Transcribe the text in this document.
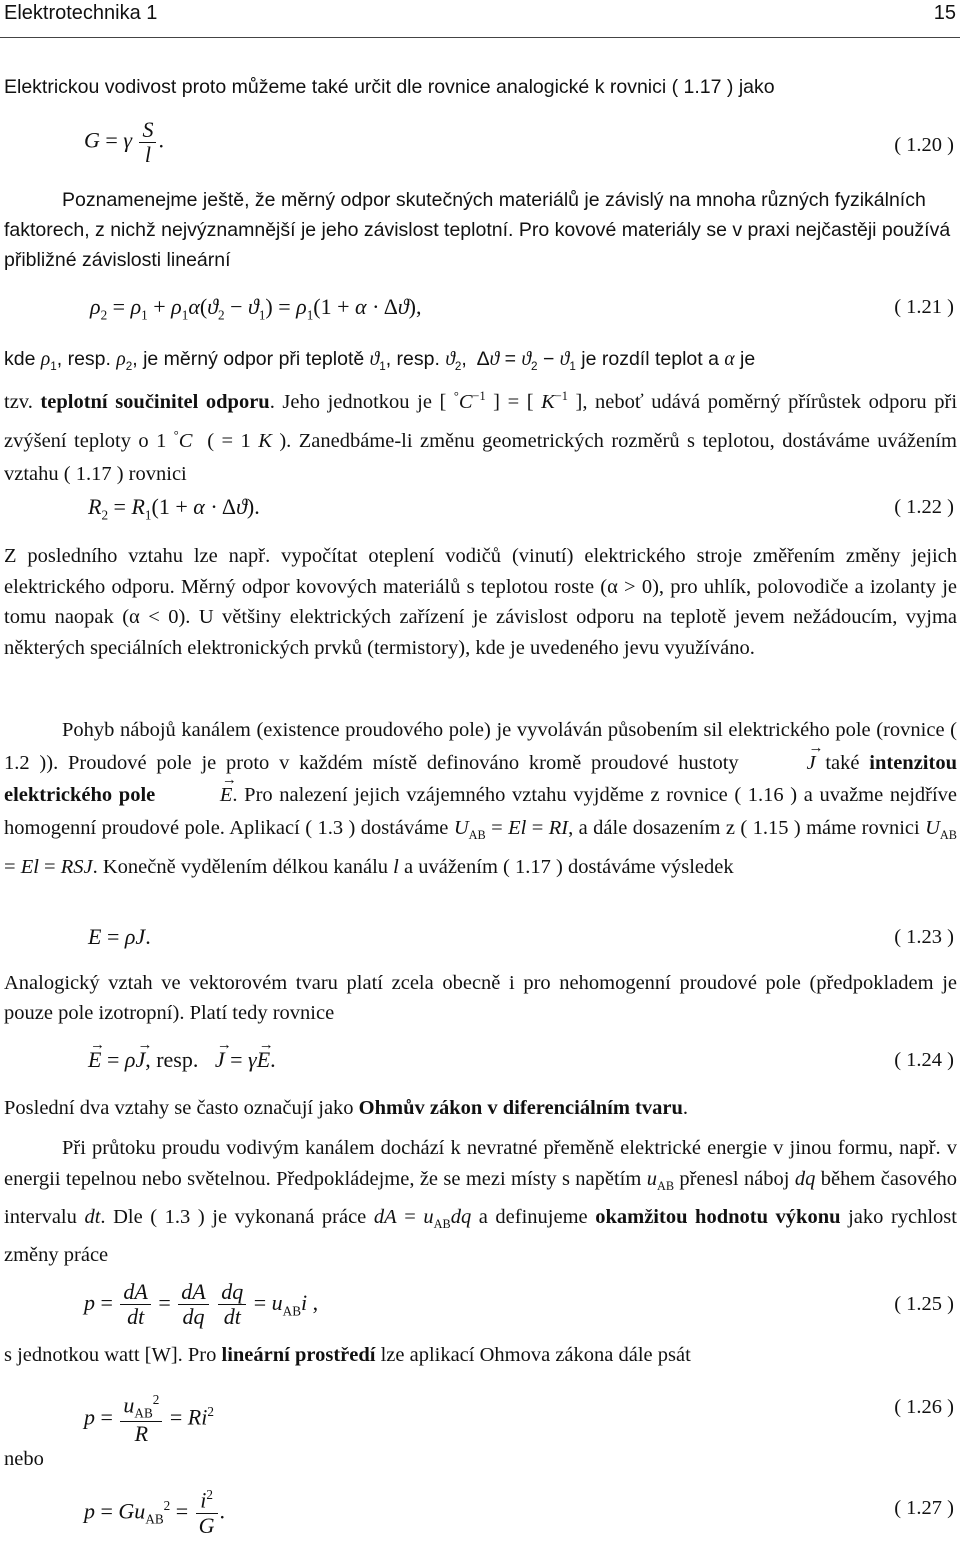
Elektrotechnika 1	15

Elektrickou vodivost proto můžeme také určit dle rovnice analogické k rovnici ( 1.17 ) jako

G = γ $\frac{S}{l}$ .	( 1.20 )

Poznamenejme ještě, že měrný odpor skutečných materiálů je závislý na mnoha různých fyzikálních faktorech, z nichž nejvýznamnější je jeho závislost teplotní. Pro kovové materiály se v praxi nejčastěji používá přibližné závislosti lineární

$\rho_2 = \rho_1 + \rho_1\alpha(ϑ_2 - ϑ_1) = \rho_1(1 + \alpha \cdot \Delta ϑ)$,	( 1.21 )

kde $\rho_1$, resp. $\rho_2$, je měrný odpor při teplotě $ϑ_1$, resp. $ϑ_2$,  $\Delta ϑ = ϑ_2 - ϑ_1$ je rozdíl teplot a α je

tzv. teplotní součinitel odporu. Jeho jednotkou je [ $^\circ C^{-1}$ ] = [ $K^{-1}$ ], neboť udává poměrný přírůstek odporu při zvýšení teploty o 1 °C  ( = 1 K ). Zanedbáme-li změnu geometrických rozměrů s teplotou, dostáváme uvážením vztahu ( 1.17 ) rovnici

$R_2 = R_1(1 + \alpha \cdot \Delta ϑ)$.	( 1.22 )

Z posledního vztahu lze např. vypočítat oteplení vodičů (vinutí) elektrického stroje změřením změny jejich elektrického odporu. Měrný odpor kovových materiálů s teplotou roste (α > 0), pro uhlík, polovodiče a izolanty je tomu naopak (α < 0). U většiny elektrických zařízení je závislost odporu na teplotě jevem nežádoucím, vyjma některých speciálních elektronických prvků (termistory), kde je uvedeného jevu využíváno.

Pohyb nábojů kanálem (existence proudového pole) je vyvoláván působením sil elektrického pole (rovnice ( 1.2 )). Proudové pole je proto v každém místě definováno kromě proudové hustoty	→ J také intenzitou elektrického pole	→ E. Pro nalezení jejich vzájemného vztahu vyjděme z rovnice ( 1.16 ) a uvažme nejdříve homogenní proudové pole. Aplikací ( 1.3 ) dostáváme $U_{AB} = El$ = RI, a dále dosazením z ( 1.15 ) máme rovnici $U_{AB} = El$ = RSJ. Konečně vydělením délkou kanálu l a uvážením ( 1.17 ) dostáváme výsledek

E = ρJ.	( 1.23 )

Analogický vztah ve vektorovém tvaru platí zcela obecně i pro nehomogenní proudové pole (předpokladem je pouze pole izotropní). Platí tedy rovnice

→ E = ρ→ J, resp. → J = γ→ E.	( 1.24 )

Poslední dva vztahy se často označují jako Ohmův zákon v diferenciálním tvaru.

Při průtoku proudu vodivým kanálem dochází k nevratné přeměně elektrické energie v jinou formu, např. v energii tepelnou nebo světelnou. Předpokládejme, že se mezi místy s napětím $u_{AB}$ přenesl náboj dq během časového intervalu dt. Dle ( 1.3 ) je vykonaná práce dA = $u_{AB}dq$ a definujeme okamžitou hodnotu výkonu jako rychlost změny práce

$p = \frac{dA}{dt} = \frac{dA}{dq}$
$\frac{dq}{dt} = u_{AB}i$ ,	( 1.25 )

s jednotkou watt [W]. Pro lineární prostředí lze aplikací Ohmova zákona dále psát

$p = \frac{u_{AB}^2}{R} = Ri^2$	( 1.26 )

nebo

$p = Gu_{AB}^2 = \frac{i^2}{G}$ .	( 1.27 )
